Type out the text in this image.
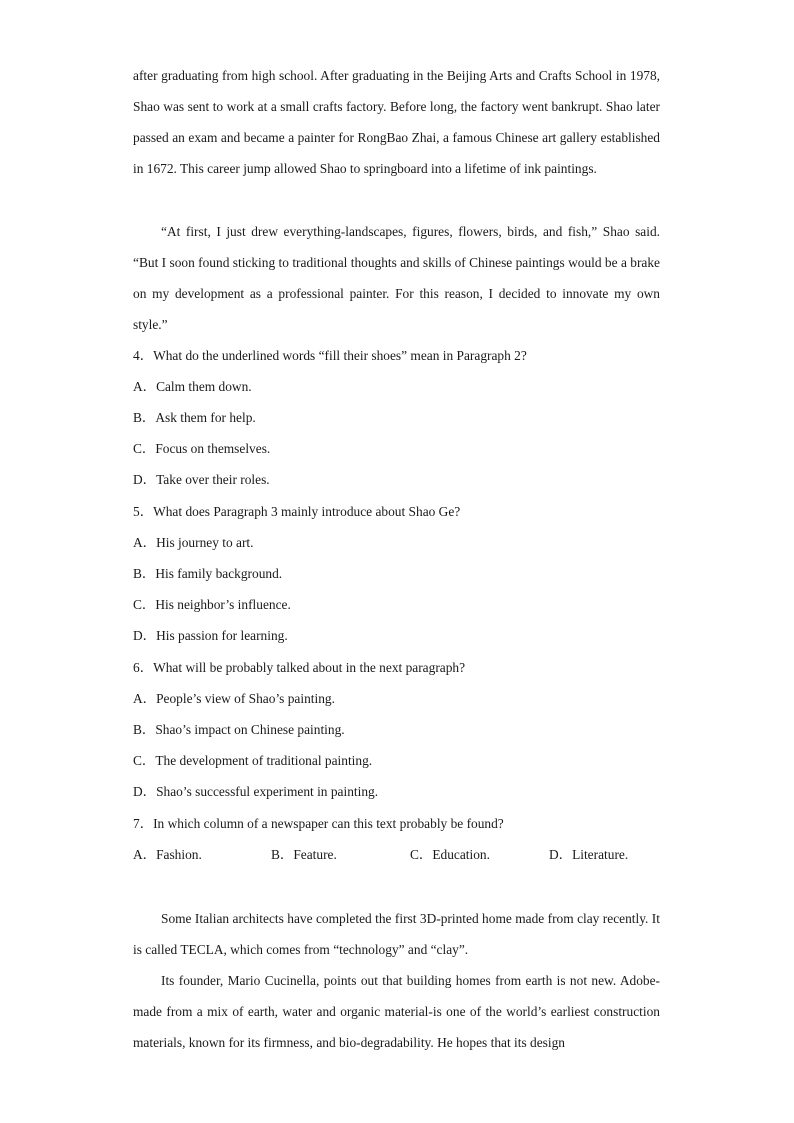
after graduating from high school. After graduating in the Beijing Arts and Crafts School in 1978, Shao was sent to work at a small crafts factory. Before long, the factory went bankrupt. Shao later passed an exam and became a painter for RongBao Zhai, a famous Chinese art gallery established in 1672. This career jump allowed Shao to springboard into a lifetime of ink paintings.

“At first, I just drew everything-landscapes, figures, flowers, birds, and fish,” Shao said. “But I soon found sticking to traditional thoughts and skills of Chinese paintings would be a brake on my development as a professional painter. For this reason, I decided to innovate my own style.”

4．What do the underlined words “fill their shoes” mean in Paragraph 2?
A．Calm them down.
B．Ask them for help.
C．Focus on themselves.
D．Take over their roles.
5．What does Paragraph 3 mainly introduce about Shao Ge?
A．His journey to art.
B．His family background.
C．His neighbor’s influence.
D．His passion for learning.
6．What will be probably talked about in the next paragraph?
A．People’s view of Shao’s painting.
B．Shao’s impact on Chinese painting.
C．The development of traditional painting.
D．Shao’s successful experiment in painting.
7．In which column of a newspaper can this text probably be found?
A．Fashion.	B．Feature.	C．Education.	D．Literature.

Some Italian architects have completed the first 3D-printed home made from clay recently. It is called TECLA, which comes from “technology” and “clay”.

Its founder, Mario Cucinella, points out that building homes from earth is not new. Adobe-made from a mix of earth, water and organic material-is one of the world’s earliest construction materials, known for its firmness, and bio-degradability. He hopes that its design
